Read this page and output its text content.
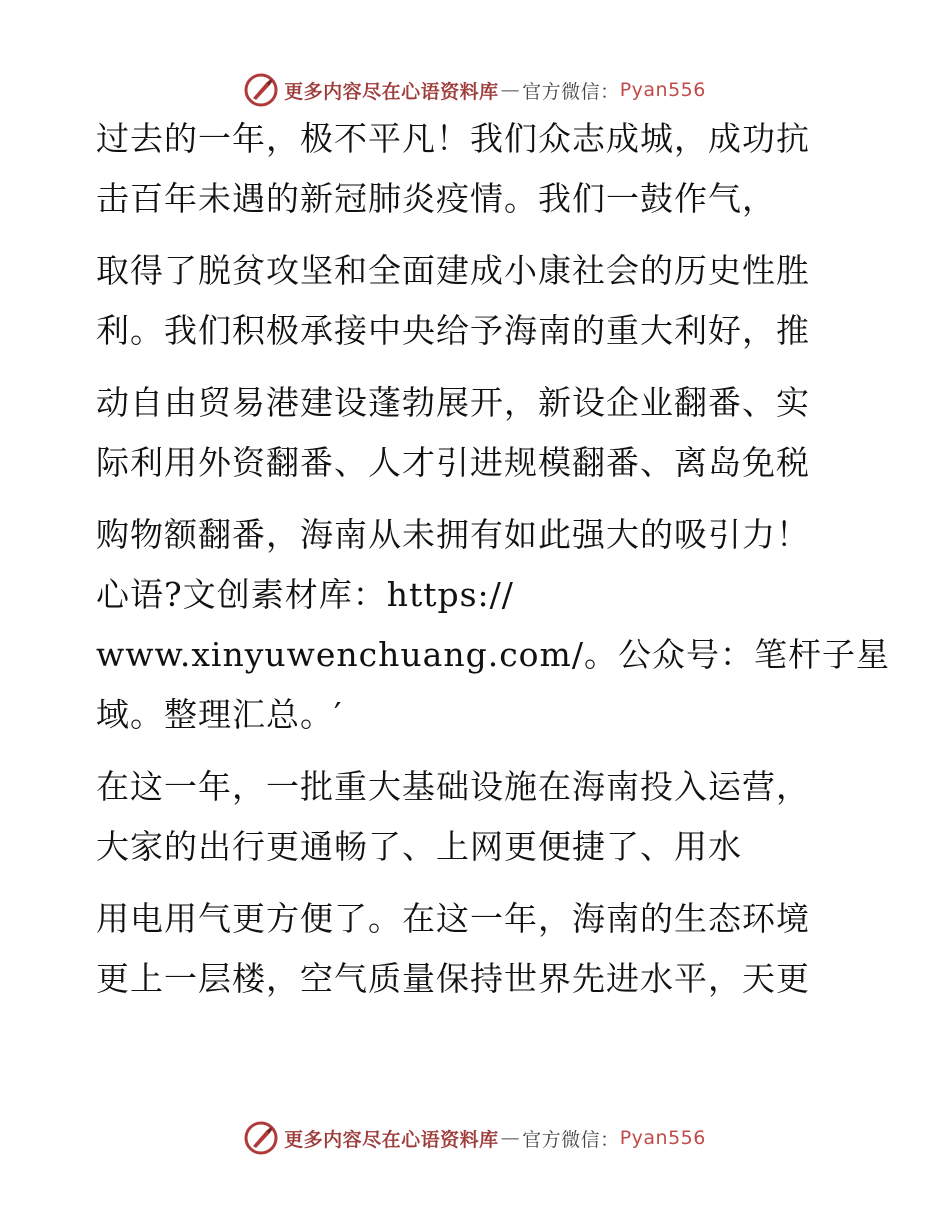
更多内容尽在心语资料库 — 官方微信： Pyan556
过去的一年，极不平凡！我们众志成城，成功抗
击百年未遇的新冠肺炎疫情。我们一鼓作气，
取得了脱贫攻坚和全面建成小康社会的历史性胜
利。我们积极承接中央给予海南的重大利好，推
动自由贸易港建设蓬勃展开，新设企业翻番、实
际利用外资翻番、人才引进规模翻番、离岛免税
购物额翻番，海南从未拥有如此强大的吸引力！
心语?文创素材库：https://
www.xinyuwenchuang.com/。公众号：笔杆子星
域。整理汇总。′
在这一年，一批重大基础设施在海南投入运营，
大家的出行更通畅了、上网更便捷了、用水
用电用气更方便了。在这一年，海南的生态环境
更上一层楼，空气质量保持世界先进水平，天更
更多内容尽在心语资料库 — 官方微信： Pyan556
